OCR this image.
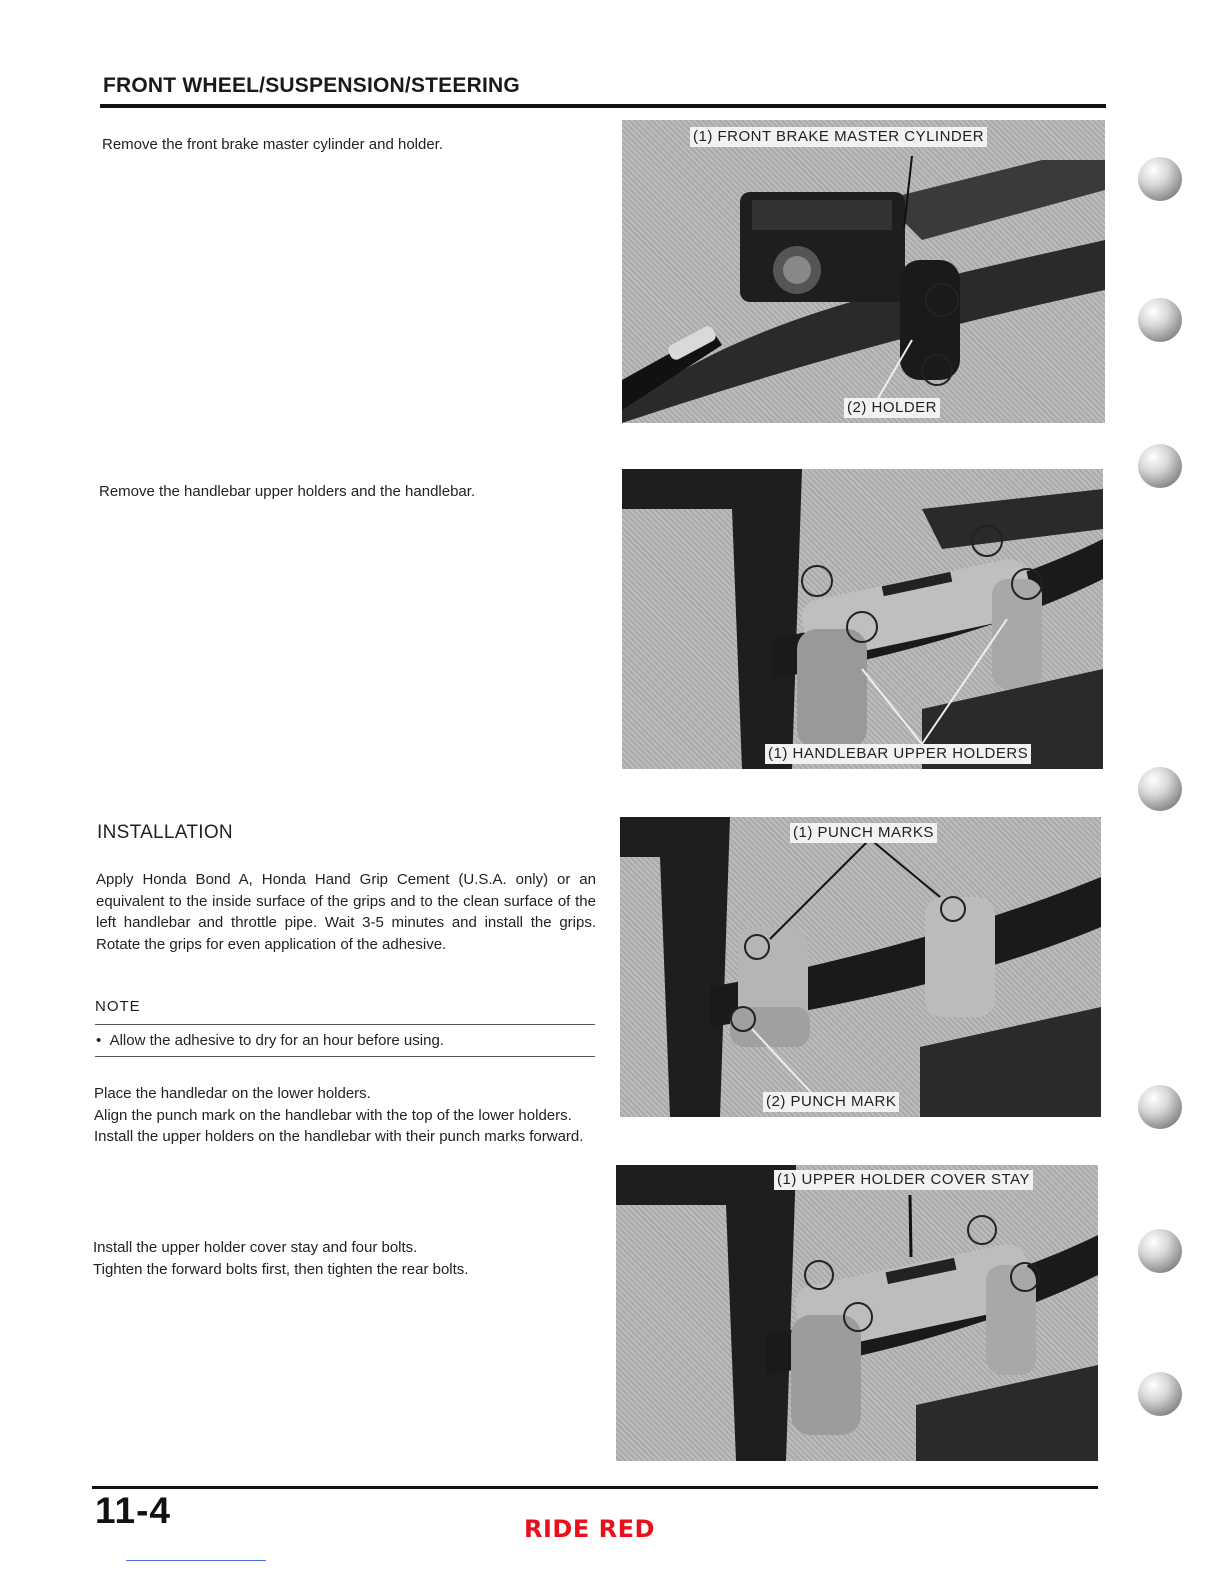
FRONT WHEEL/SUSPENSION/STEERING
Remove the front brake master cylinder and holder.
Remove the handlebar upper holders and the handlebar.
INSTALLATION
Apply Honda Bond A, Honda Hand Grip Cement (U.S.A. only) or an equivalent to the inside surface of the grips and to the clean surface of the left handlebar and throttle pipe. Wait 3-5 minutes and install the grips. Rotate the grips for even application of the adhesive.
NOTE
•  Allow the adhesive to dry for an hour before using.
Place the handledar on the lower holders.
Align the punch mark on the handlebar with the top of the lower holders.
Install the upper holders on the handlebar with their punch marks forward.
Install the upper holder cover stay and four bolts.
Tighten the forward bolts first, then tighten the rear bolts.
(1) FRONT BRAKE MASTER CYLINDER
(2) HOLDER
(1) HANDLEBAR UPPER HOLDERS
(1) PUNCH MARKS
(2) PUNCH MARK
(1) UPPER HOLDER COVER STAY
11-4	RIDE RED
